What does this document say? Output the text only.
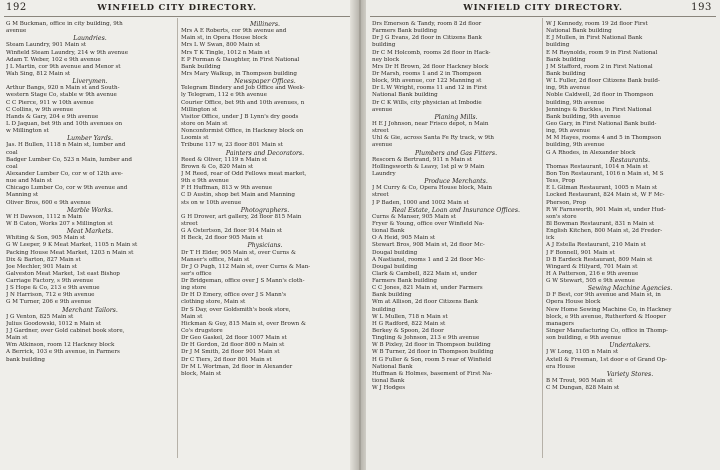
192	WINFIELD CITY DIRECTORY.
G M Buckman, office in city building, 9th
avenue
Laundries.
Steam Laundry, 901 Main st
Winfield Steam Laundry, 214 w 9th avenue
Adam T. Weber, 102 e 9th avenue
J L Martin, cor 9th avenue and Menor st
Wah Sing, 812 Main st
Liverymen.
Arthur Bangs, 920 n Main st and South-
western Stage Co, stable w 9th avenue
C C Pierce, 911 w 10th avenue
C Collins, w 9th avenue
Hands & Gary, 204 e 9th avenue
L D Jaquan, bet 9th and 10th avenues on
w Millington st
Lumber Yards.
Jas. H Bullen, 1118 n Main st, lumber and
coal
Badger Lumber Co, 523 n Main, lumber and
coal
Alexander Lumber Co, cor w of 12th ave-
nue and Main st
Chicago Lumber Co, cor w 9th avenue and
Manning st
Oliver Bros, 600 e 9th avenue
Marble Works.
W H Dawson, 1112 n Main
W B Caton, Works 207 s Millington st
Meat Markets.
Whiting & Son, 905 Main st
G W Leeper, 9 K Meat Market, 1105 n Main st
Packing House Meat Market, 1203 n Main st
Dix & Barton, 827 Main st
Joe Mechler, 901 Main st
Galveston Meat Market, 1st east Bishop
Carriage Factory, s 9th avenue
J S Hope & Co, 213 e 9th avenue
J N Harrison, 712 e 9th avenue
G M Turner, 206 e 9th avenue
Merchant Tailors.
J G Venton, 825 Main st
Julius Goodowski, 1012 n Main st
J J Gardner, over Gold cabinet book store,
Main st
Wm Atkinson, room 12 Hackney block
A Berrick, 103 e 9th avenue, in Farmers
bank building
Milliners.
Mrs A E Roberts, cor 9th avenue and
Main st, in Opera House block
Mrs L W Swan, 800 Main st
Mrs T K Tingle, 1012 n Main st
E P Forman & Daughter, in First National
Bank building
Mrs Mary Walkup, in Thompson building
Newspaper Offices.
Telegram Bindery and Job Office and Week-
ly Telegram, 112 e 9th avenue
Courier Office, bet 9th and 10th avenues, n
Millington st
Visitor Office, under J B Lynn's dry goods
store on Main st
Nonconformist Office, in Hackney block on
Loomis st
Tribune 117 w, 23 floor 801 Main st
Painters and Decorators.
Reed & Oliver, 1119 n Main st
Brown & Co, 820 Main st
J M Reed, rear of Odd Fellows meat market,
9th e 9th avenue
F H Huffman, 813 w 9th avenue
C D Austin, shop bet Main and Manning
sts on w 10th avenue
Photographers.
G H Drower, art gallery, 2d floor 815 Main
street
G A Ostertson, 2d floor 914 Main st
H Beck, 2d floor 905 Main st
Physicians.
Dr T H Elder, 905 Main st, over Curns &
Manser's office, Main st
Dr J O Pugh, 112 Main st, over Curns & Man-
ser's office
Dr Bridgeman, office over J S Mann's cloth-
ing store
Dr H D Emery, office over J S Mann's
clothing store, Main st
Dr S Day, over Goldsmith's book store,
Main st
Hickman & Guy, 815 Main st, over Brown &
Co's drugstore
Dr Geo Gaskel, 2d floor 1007 Main st
Dr H Gordon, 2d floor 800 n Main st
Dr J M Smith, 2d floor 901 Main st
Dr C Tiers, 2d floor 801 Main st
Dr M L Wortman, 2d floor in Alexander
block, Main st
WINFIELD CITY DIRECTORY.	193
Drs Emerson & Tandy, room 8 2d floor
Farmers Bank building
Dr J G Evans, 2d floor in Citizens Bank
building
Dr C M Holcomb, rooms 2d floor in Hack-
ney block
Mrs Dr H Brown, 2d floor Hackney block
Dr Marsh, rooms 1 and 2 in Thompson
block, 9th avenue, cor 122 Manning st
Dr L W Wright, rooms 11 and 12 in First
National Bank building
Dr C K Wills, city physician at Imbodie
avenue
Planing Mills.
H E J Johnson, near Frisco depot, n Main
street
Uhl & Gie, across Santa Fe Ry track, w 9th
avenue
Plumbers and Gas Fitters.
Rescorn & Bertrand, 911 n Main st
Hollingsworth & Leavy, 1st pl w 9 Main
Laundry
Produce Merchants.
J M Curry & Co, Opera House block, Main
street
J P Baden, 1000 and 1002 Main st
Real Estate, Loan and Insurance Offices.
Curns & Manser, 905 Main st
Fryer & Young, office over Winfield Na-
tional Bank
O A Heid, 905 Main st
Stewart Bros, 908 Main st, 2d floor Mc-
Dougal building
A Nastiansl, rooms 1 and 2 2d floor Mc-
Dougal building
Clark & Cambell, 822 Main st, under
Farmers Bank building
C C Jones, 821 Main st, under Farmers
Bank building
Wm at Allison, 2d floor Citizens Bank
building
W L Mullen, 718 n Main st
H G Radford, 822 Main st
Berkey & Spoon, 2d floor
Tingling & Johnson, 213 e 9th avenue
W B Pixley, 2d floor in Thompson building
W B Turner, 2d floor in Thompson building
H G Fuller & Son, room 5 rear of Winfield
National Bank
Huffman & Holmes, basement of First Na-
tional Bank
W J Hodges
W J Kennedy, room 19 2d floor First
National Bank building
E J Mullen, in First National Bank
building
E M Reynolds, room 9 in First National
Bank building
J M Stafford, room 2 in First National
Bank building
W L Fuller, 2d floor Citizens Bank build-
ing, 9th avenue
Noble Caldwell, 2d floor in Thompson
building, 9th avenue
Jennings & Buckles, in First National
Bank building, 9th avenue
Geo Gary, in First National Bank build-
ing, 9th avenue
M M Hayes, rooms 4 and 5 in Thompson
building, 9th avenue
G A Rhodes, in Alexander block
Restaurants.
Thomas Restaurant, 1014 n Main st
Bon Ton Restaurant, 1016 n Main st, M S
Tess, Prop
E L Gilman Restaurant, 1005 n Main st
Locked Restaurant, 824 Main st, W F Mc-
Pherson, Prop
R W Farnsworth, 901 Main st, under Hud-
son's store
Bl Bowman Restaurant, 831 n Main st
English Kitchen, 800 Main st, 2d Freder-
ick
A J Estella Restaurant, 210 Main st
J F Bonnell, 901 Main st
D B Eardeck Restaurant, 809 Main st
Wingard & Hilyard, 701 Main st
H A Patterson, 216 e 9th avenue
G W Stewart, 505 e 9th avenue
Sewing Machine Agencies.
D F Best, cor 9th avenue and Main st, in
Opera House block
New Home Sewing Machine Co, in Hackney
block, e 9th avenue, Rutherford & Hooper
managers
Singer Manufacturing Co, office in Thomp-
son building, e 9th avenue
Undertakers.
J W Long, 1105 n Main st
Axtell & Freeman, 1st door e of Grand Op-
era House
Variety Stores.
B M Trout, 905 Main st
C M Dungan, 828 Main st
